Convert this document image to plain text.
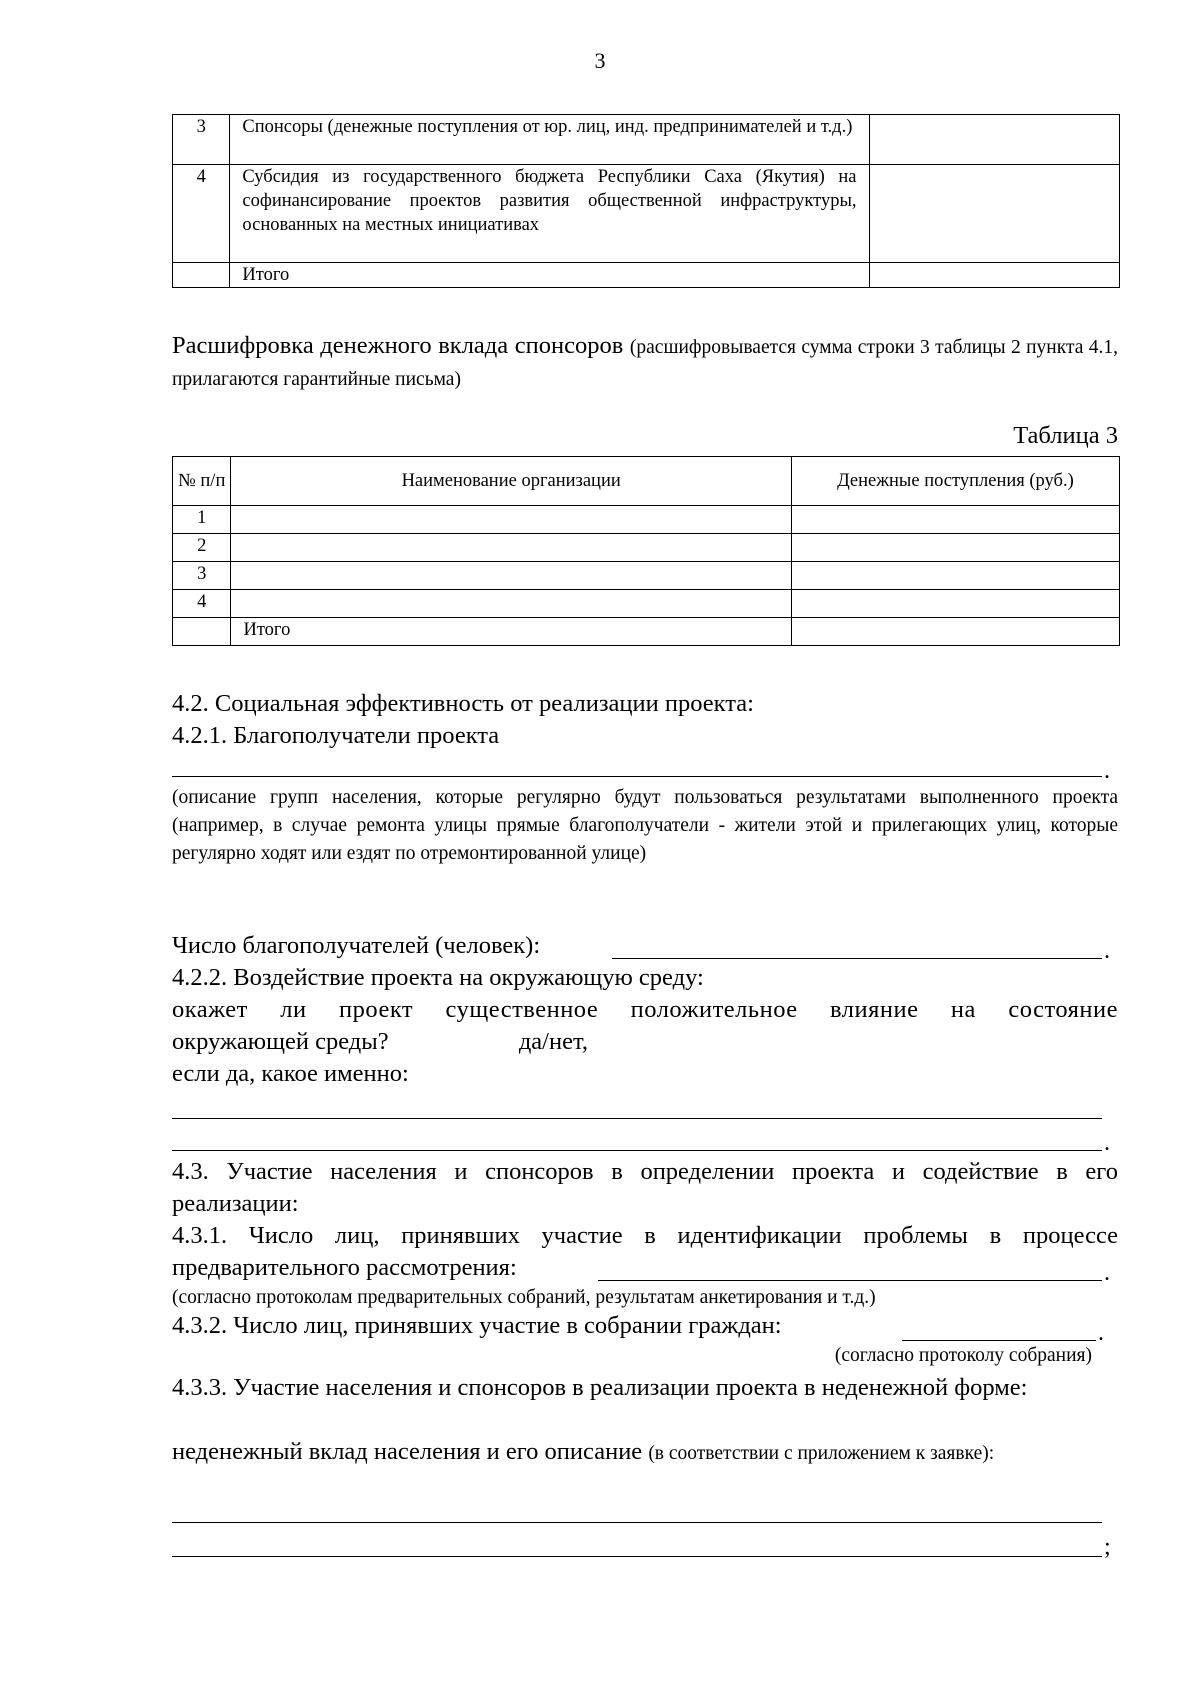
3
3	Спонсоры (денежные поступления от юр. лиц, инд. предпринимателей и т.д.)	

4	Субсидия из государственного бюджета Республики Саха (Якутия) на софинансирование проектов развития общественной инфраструктуры, основанных на местных инициативах	

	Итого	
Расшифровка денежного вклада спонсоров (расшифровывается сумма строки 3 таблицы 2 пункта 4.1, прилагаются гарантийные письма)
Таблица 3
№ п/п	Наименование организации	Денежные поступления (руб.)
1		
2		
3		
4		
	Итого	
4.2. Социальная эффективность от реализации проекта:
4.2.1. Благополучатели проекта
.
(описание групп населения, которые регулярно будут пользоваться результатами выполненного проекта (например, в случае ремонта улицы прямые благополучатели - жители этой и прилегающих улиц, которые регулярно ходят или ездят по отремонтированной улице)
Число благополучателей (человек):	.
4.2.2. Воздействие проекта на окружающую среду:
окажет ли проект существенное положительное влияние на состояние
окружающей среды?	да/нет,
если да, какое именно:
.
4.3. Участие населения и спонсоров в определении проекта и содействие в его реализации:
4.3.1. Число лиц, принявших участие в идентификации проблемы в процессе
предварительного рассмотрения:	.
(согласно протоколам предварительных собраний, результатам анкетирования и т.д.)
4.3.2. Число лиц, принявших участие в собрании граждан:	.
(согласно протоколу собрания)
4.3.3. Участие населения и спонсоров в реализации проекта в неденежной форме:
неденежный вклад населения и его описание (в соответствии с приложением к заявке):
;
